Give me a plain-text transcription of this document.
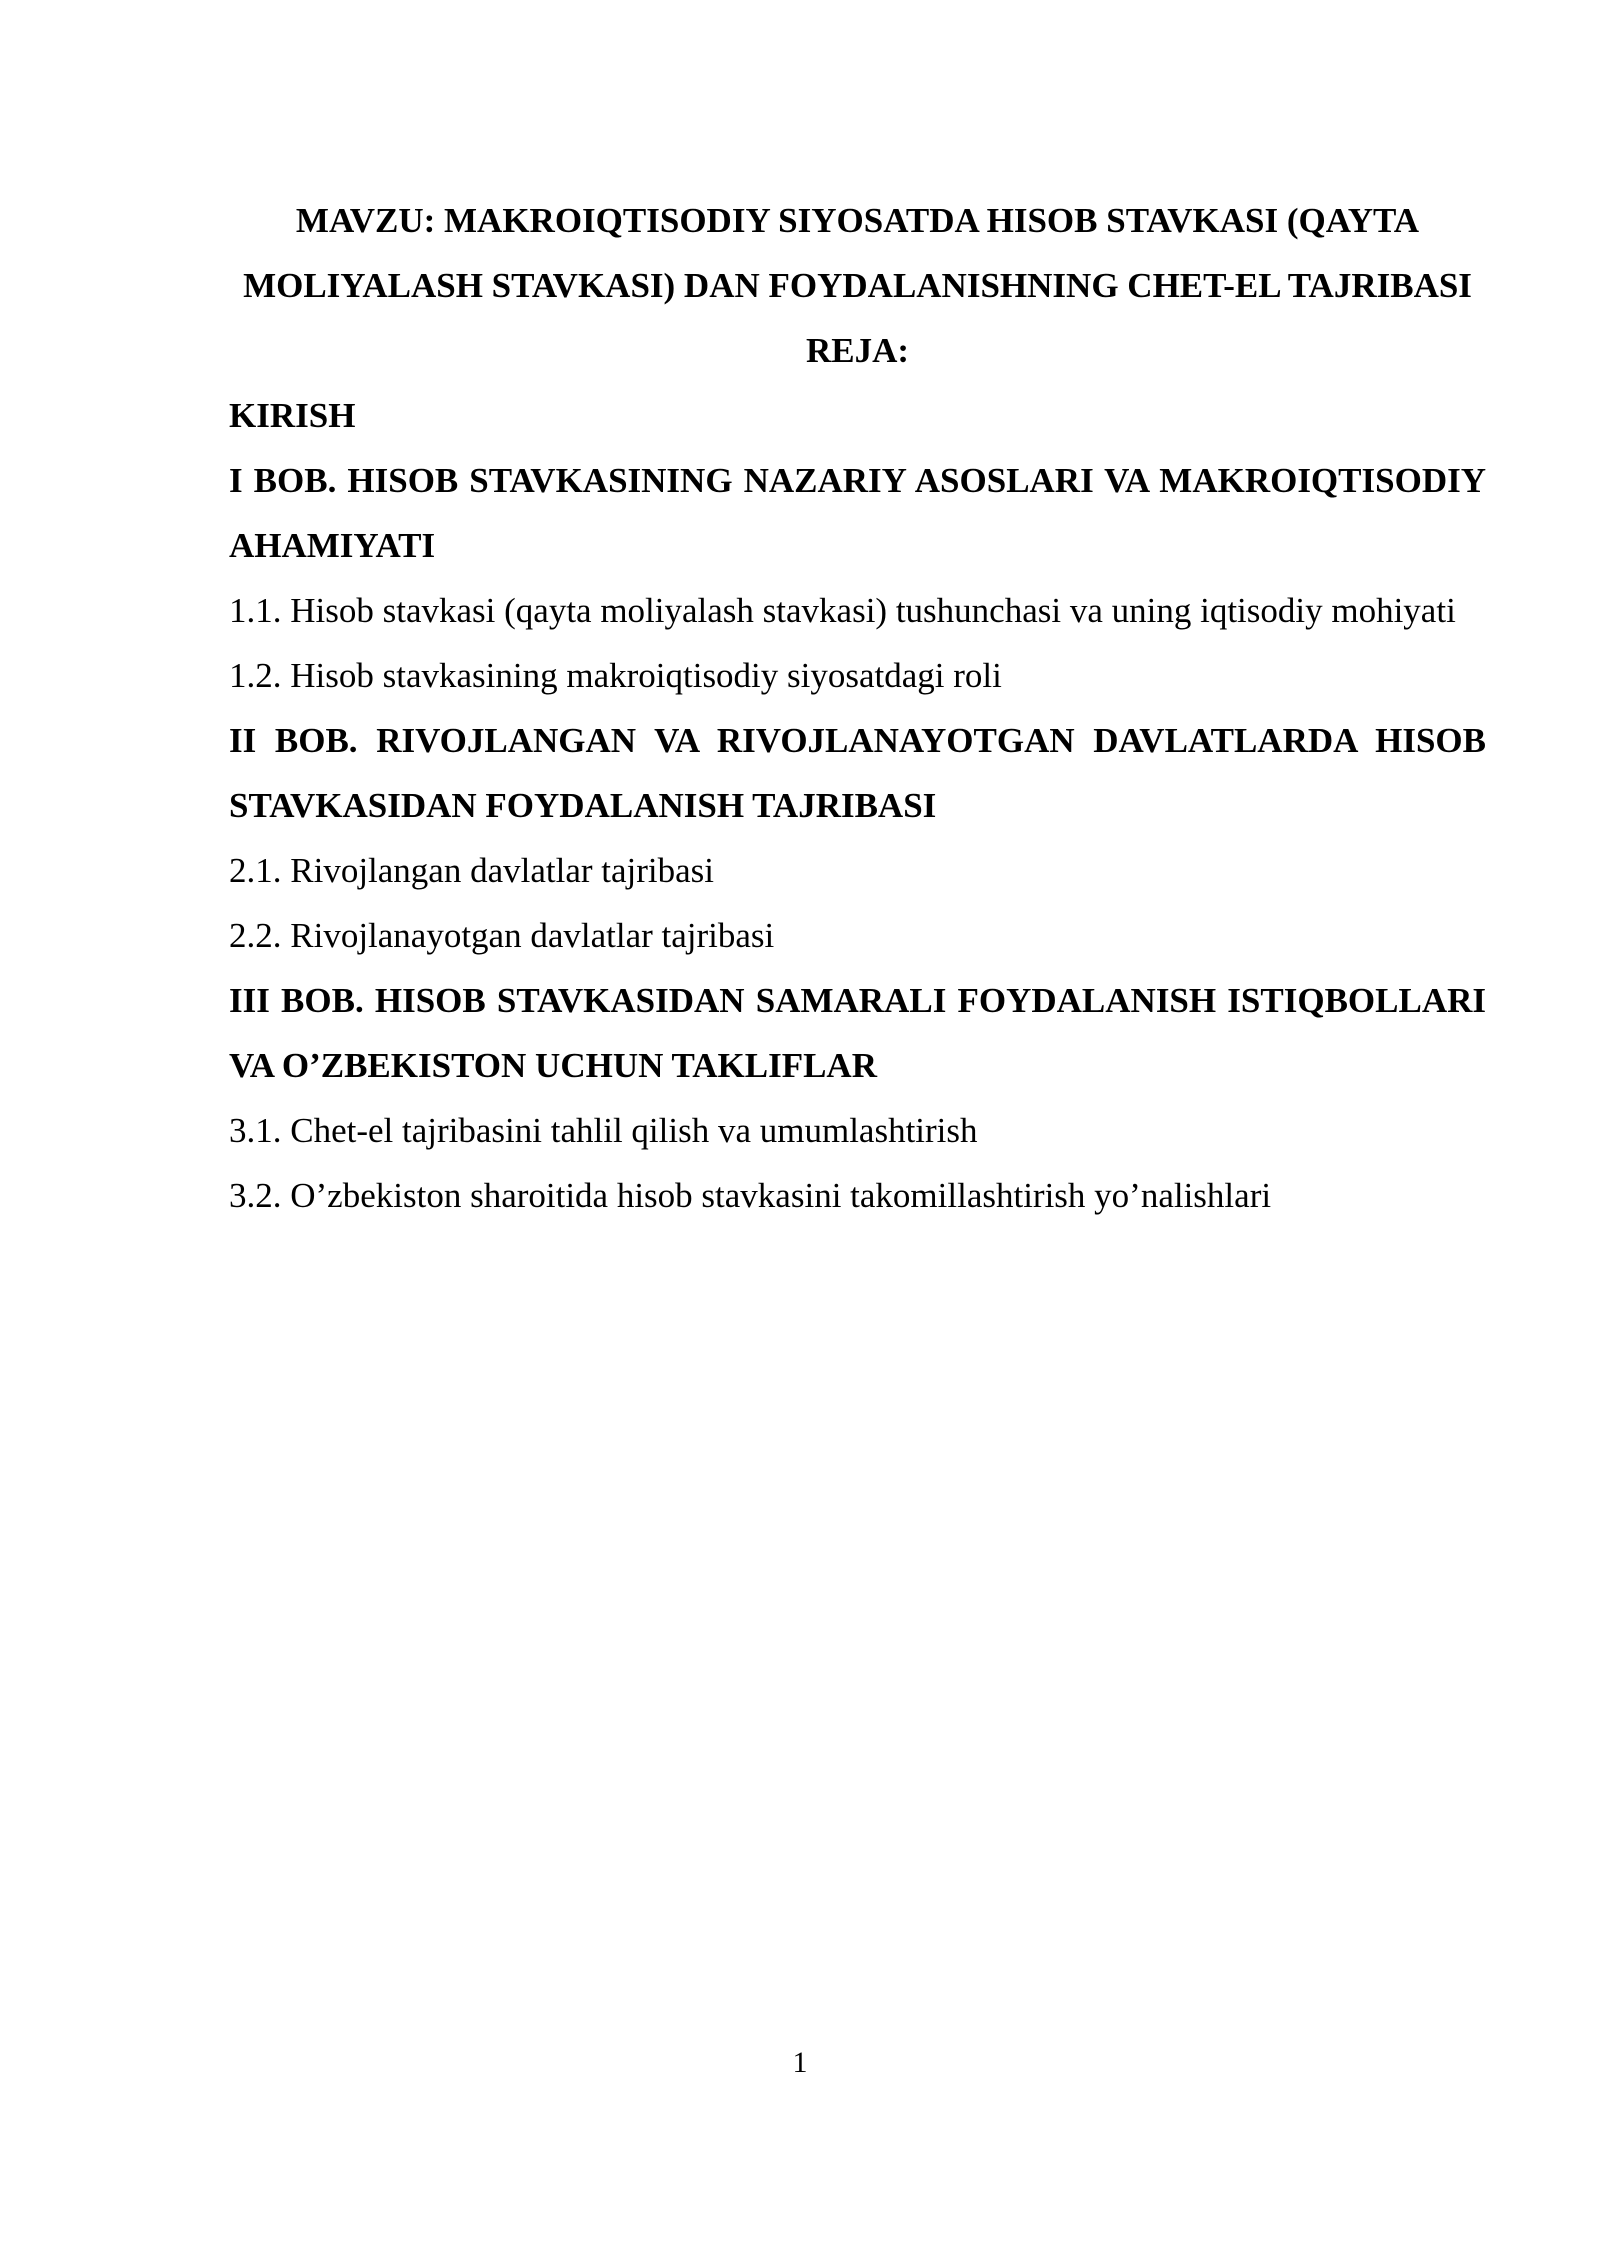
MAVZU: MAKROIQTISODIY SIYOSATDA HISOB STAVKASI (QAYTA MOLIYALASH STAVKASI) DAN FOYDALANISHNING CHET-EL TAJRIBASI

REJA:

KIRISH

I BOB. HISOB STAVKASINING NAZARIY ASOSLARI VA MAKROIQTISODIY AHAMIYATI

1.1. Hisob stavkasi (qayta moliyalash stavkasi) tushunchasi va uning iqtisodiy mohiyati

1.2. Hisob stavkasining makroiqtisodiy siyosatdagi roli

II BOB. RIVOJLANGAN VA RIVOJLANAYOTGAN DAVLATLARDA HISOB STAVKASIDAN FOYDALANISH TAJRIBASI

2.1. Rivojlangan davlatlar tajribasi

2.2. Rivojlanayotgan davlatlar tajribasi

III BOB. HISOB STAVKASIDAN SAMARALI FOYDALANISH ISTIQBOLLARI VA O’ZBEKISTON UCHUN TAKLIFLAR

3.1. Chet-el tajribasini tahlil qilish va umumlashtirish

3.2. O’zbekiston sharoitida hisob stavkasini takomillashtirish yo’nalishlari

1
